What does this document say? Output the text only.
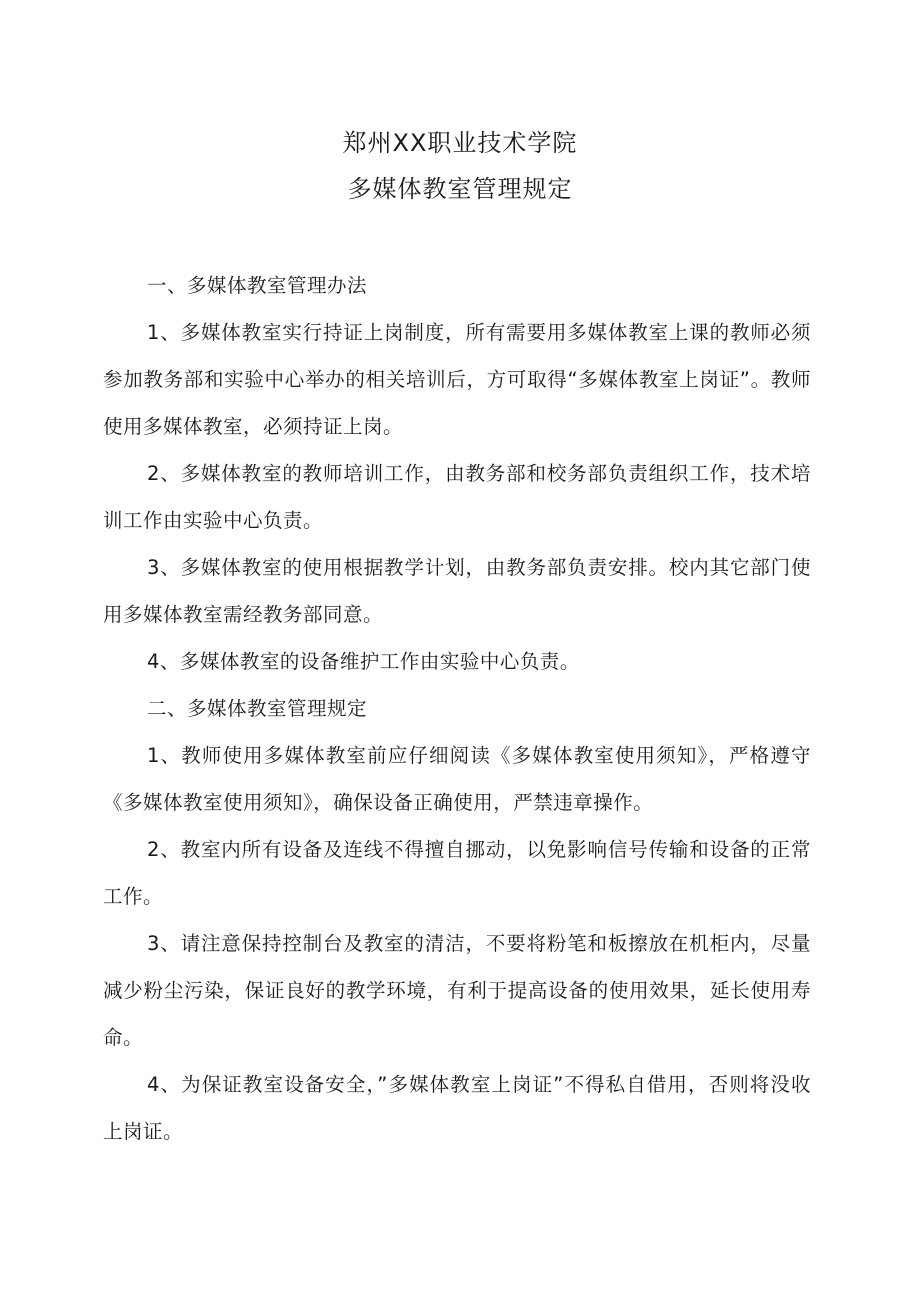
郑州XX职业技术学院
多媒体教室管理规定

一、多媒体教室管理办法

1、多媒体教室实行持证上岗制度，所有需要用多媒体教室上课的教师必须参加教务部和实验中心举办的相关培训后，方可取得“多媒体教室上岗证”。教师使用多媒体教室，必须持证上岗。

2、多媒体教室的教师培训工作，由教务部和校务部负责组织工作，技术培训工作由实验中心负责。

3、多媒体教室的使用根据教学计划，由教务部负责安排。校内其它部门使用多媒体教室需经教务部同意。

4、多媒体教室的设备维护工作由实验中心负责。

二、多媒体教室管理规定

1、教师使用多媒体教室前应仔细阅读《多媒体教室使用须知》，严格遵守《多媒体教室使用须知》，确保设备正确使用，严禁违章操作。

2、教室内所有设备及连线不得擅自挪动，以免影响信号传输和设备的正常工作。

3、请注意保持控制台及教室的清洁，不要将粉笔和板擦放在机柜内，尽量减少粉尘污染，保证良好的教学环境，有利于提高设备的使用效果，延长使用寿命。

4、为保证教室设备安全，”多媒体教室上岗证”不得私自借用，否则将没收上岗证。
